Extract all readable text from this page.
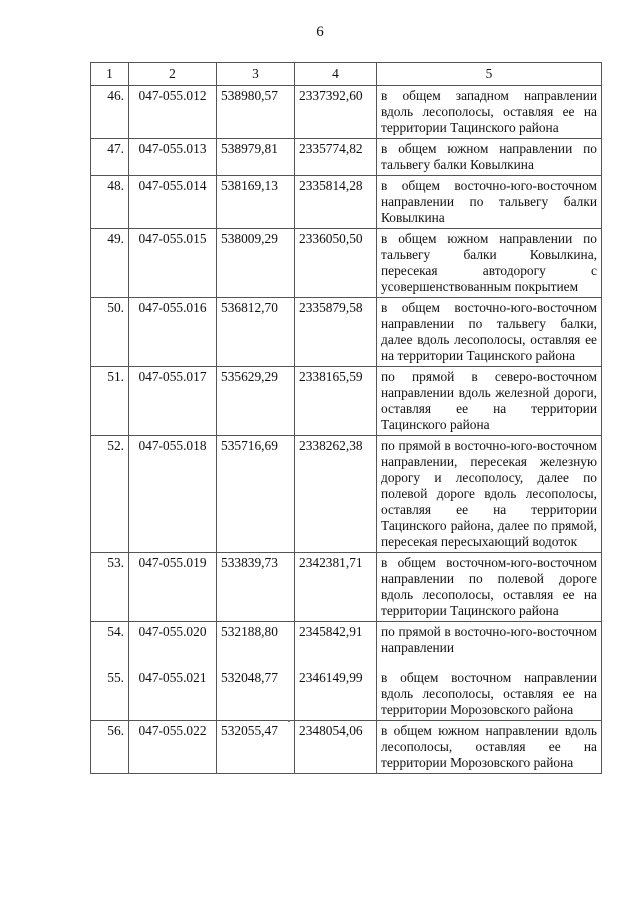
6
1	2	3	4	5
46.	047-055.012	538980,57	2337392,60	в общем западном направлении вдоль лесополосы, оставляя ее на территории Тацинского района
47.	047-055.013	538979,81	2335774,82	в общем южном направлении по тальвегу балки Ковылкина
48.	047-055.014	538169,13	2335814,28	в общем восточно-юго-восточном направлении по тальвегу балки Ковылкина
49.	047-055.015	538009,29	2336050,50	в общем южном направлении по тальвегу балки Ковылкина, пересекая автодорогу с усовершенствованным покрытием
50.	047-055.016	536812,70	2335879,58	в общем восточно-юго-восточном направлении по тальвегу балки, далее вдоль лесополосы, оставляя ее на территории Тацинского района
51.	047-055.017	535629,29	2338165,59	по прямой в северо-восточном направлении вдоль железной дороги, оставляя ее на территории Тацинского района
52.	047-055.018	535716,69	2338262,38	по прямой в восточно-юго-восточном направлении, пересекая железную дорогу и лесополосу, далее по полевой дороге вдоль лесополосы, оставляя ее на территории Тацинского района, далее по прямой, пересекая пересыхающий водоток
53.	047-055.019	533839,73	2342381,71	в общем восточном-юго-восточном направлении по полевой дороге вдоль лесополосы, оставляя ее на территории Тацинского района
54.	047-055.020	532188,80	2345842,91	по прямой в восточно-юго-восточном направлении
55.	047-055.021	532048,77	2346149,99	в общем восточном направлении вдоль лесополосы, оставляя ее на территории Морозовского района
56.	047-055.022	532055,47	2348054,06	в общем южном направлении вдоль лесополосы, оставляя ее на территории Морозовского района
